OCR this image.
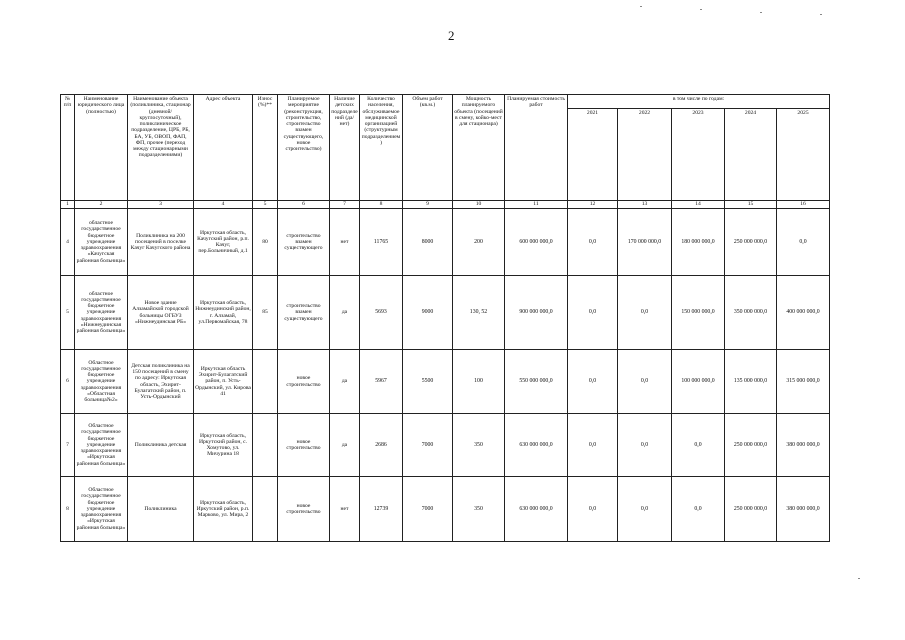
2
№ п/п	Наименование юридического лица (полностью)	Наименование объекта (поликлиника, стационар (дневной/круглосуточный), поликлиническое подразделение, ЦРБ, РБ, БА, УБ, ОВОП, ФАП, ФП, прочее (переход между стационарными подразделениями)	Адрес объекта	Износ (%)**	Планируемое мероприятие (реконструкция, строительство, строительство взамен существующего, новое строительство)	Наличие детских подразделений (да/нет)	Количество населения, обслуживаемое медицинской организацией (структурным подразделением)	Объем работ (кв.м.)	Мощность планируемого объекта (посещений в смену, койко-мест для стационара)	Планируемая стоимость работ	в том числе по годам:				
											2021	2022	2023	2024	2025
1	2	3	4	5	6	7	8	9	10	11	12	13	14	15	16
4	областное государственное бюджетное учреждение здравоохранения «Качугская районная больница»	Поликлиника на 200 посещений в поселке Качуг Качугского района	Иркутская область, Качугский район, р.п. Качуг, пер.Больничный, д.1	80	строительство взамен существующего	нет	11765	8000	200	600 000 000,0	0,0	170 000 000,0	180 000 000,0	250 000 000,0	0,0
5	областное государственное бюджетное учреждение здравоохранения «Нижнеудинская районная больница»	Новое здание Алзамайской городской больницы ОГБУЗ «Нижнеудинская РБ»	Иркутская область, Нижнеудинский район, г. Алзамай, ул.Первомайская, 78	85	строительство взамен существующего	да	5693	9000	130, 52	900 000 000,0	0,0	0,0	150 000 000,0	350 000 000,0	400 000 000,0
6	Областное государственное бюджетное учреждение здравоохранения «Областная больница№2»	Детская поликлиника на 150 посещений в смену по адресу: Иркутская область, Эхирит-Булагатский район, п. Усть-Ордынский	Иркутская область Эхирит-Булагатский район, п. Усть-Ордынский, ул. Кирова 41		новое строительство	да	5967	5500	100	550 000 000,0	0,0	0,0	100 000 000,0	135 000 000,0	315 000 000,0
7	Областное государственное бюджетное учреждение здравоохранения «Иркутская районная больница»	Поликлиника детская	Иркутская область, Иркутский район, с. Хомутово, ул. Мичурина 18		новое строительство	да	2686	7000	350	630 000 000,0	0,0	0,0	0,0	250 000 000,0	380 000 000,0
8	Областное государственное бюджетное учреждение здравоохранения «Иркутская районная больница»	Поликлиника	Иркутская область, Иркутский район, р.п. Марково, ул. Мира, 2		новое строительство	нет	12739	7000	350	630 000 000,0	0,0	0,0	0,0	250 000 000,0	380 000 000,0
